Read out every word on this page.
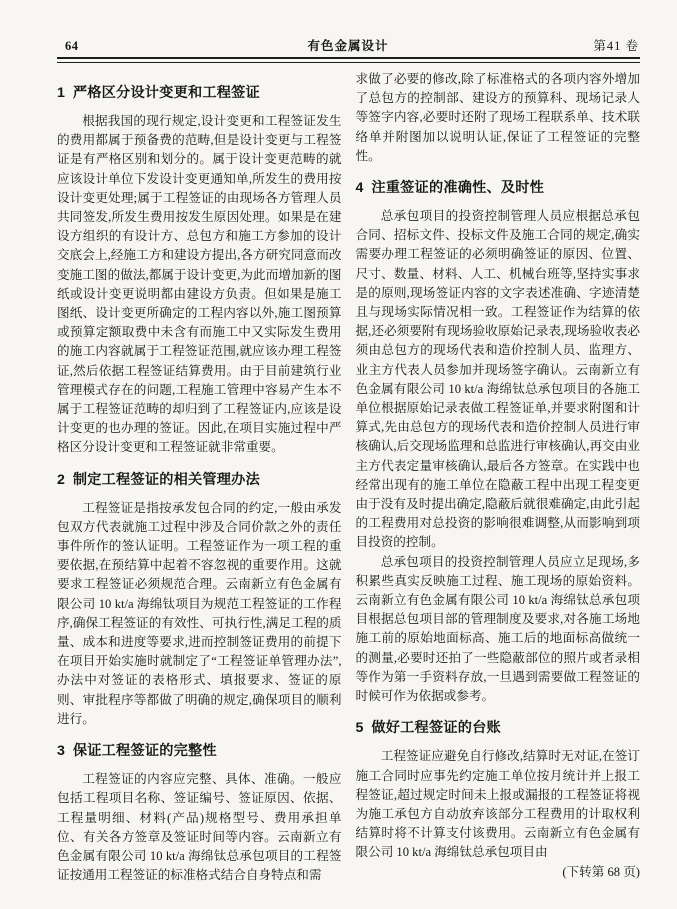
64	有色金属设计	第41 卷
1 严格区分设计变更和工程签证

根据我国的现行规定,设计变更和工程签证发生的费用都属于预备费的范畴,但是设计变更与工程签证是有严格区别和划分的。属于设计变更范畴的就应该设计单位下发设计变更通知单,所发生的费用按设计变更处理;属于工程签证的由现场各方管理人员共同签发,所发生费用按发生原因处理。如果是在建设方组织的有设计方、总包方和施工方参加的设计交底会上,经施工方和建设方提出,各方研究同意而改变施工图的做法,都属于设计变更,为此而增加新的图纸或设计变更说明都由建设方负责。但如果是施工图纸、设计变更所确定的工程内容以外,施工图预算或预算定额取费中未含有而施工中又实际发生费用的施工内容就属于工程签证范围,就应该办理工程签证,然后依据工程签证结算费用。由于目前建筑行业管理模式存在的问题,工程施工管理中容易产生本不属于工程签证范畴的却归到了工程签证内,应该是设计变更的也办理的签证。因此,在项目实施过程中严格区分设计变更和工程签证就非常重要。

2 制定工程签证的相关管理办法

工程签证是指按承发包合同的约定,一般由承发包双方代表就施工过程中涉及合同价款之外的责任事件所作的签认证明。工程签证作为一项工程的重要依据,在预结算中起着不容忽视的重要作用。这就要求工程签证必须规范合理。云南新立有色金属有限公司 10 kt/a 海绵钛项目为规范工程签证的工作程序,确保工程签证的有效性、可执行性,满足工程的质量、成本和进度等要求,进而控制签证费用的前提下在项目开始实施时就制定了“工程签证单管理办法”,办法中对签证的表格形式、填报要求、签证的原则、审批程序等都做了明确的规定,确保项目的顺利进行。

3 保证工程签证的完整性

工程签证的内容应完整、具体、准确。一般应包括工程项目名称、签证编号、签证原因、依据、工程量明细、材料(产品)规格型号、费用承担单位、有关各方签章及签证时间等内容。云南新立有色金属有限公司 10 kt/a 海绵钛总承包项目的工程签证按通用工程签证的标准格式结合自身特点和需

求做了必要的修改,除了标准格式的各项内容外增加了总包方的控制部、建设方的预算科、现场记录人等签字内容,必要时还附了现场工程联系单、技术联络单并附图加以说明认证,保证了工程签证的完整性。

4 注重签证的准确性、及时性

总承包项目的投资控制管理人员应根据总承包合同、招标文件、投标文件及施工合同的规定,确实需要办理工程签证的必须明确签证的原因、位置、尺寸、数量、材料、人工、机械台班等,坚持实事求是的原则,现场签证内容的文字表述准确、字迹清楚且与现场实际情况相一致。工程签证作为结算的依据,还必须要附有现场验收原始记录表,现场验收表必须由总包方的现场代表和造价控制人员、监理方、业主方代表人员参加并现场签字确认。云南新立有色金属有限公司 10 kt/a 海绵钛总承包项目的各施工单位根据原始记录表做工程签证单,并要求附图和计算式,先由总包方的现场代表和造价控制人员进行审核确认,后交现场监理和总监进行审核确认,再交由业主方代表定量审核确认,最后各方签章。在实践中也经常出现有的施工单位在隐蔽工程中出现工程变更由于没有及时提出确定,隐蔽后就很难确定,由此引起的工程费用对总投资的影响很难调整,从而影响到项目投资的控制。

总承包项目的投资控制管理人员应立足现场,多积累些真实反映施工过程、施工现场的原始资料。云南新立有色金属有限公司 10 kt/a 海绵钛总承包项目根据总包项目部的管理制度及要求,对各施工场地施工前的原始地面标高、施工后的地面标高做统一的测量,必要时还拍了一些隐蔽部位的照片或者录相等作为第一手资料存放,一旦遇到需要做工程签证的时候可作为依据或参考。

5 做好工程签证的台账

工程签证应避免自行修改,结算时无对证,在签订施工合同时应事先约定施工单位按月统计并上报工程签证,超过规定时间未上报或漏报的工程签证将视为施工承包方自动放弃该部分工程费用的计取权利结算时将不计算支付该费用。云南新立有色金属有限公司 10 kt/a 海绵钛总承包项目由

(下转第 68 页)
